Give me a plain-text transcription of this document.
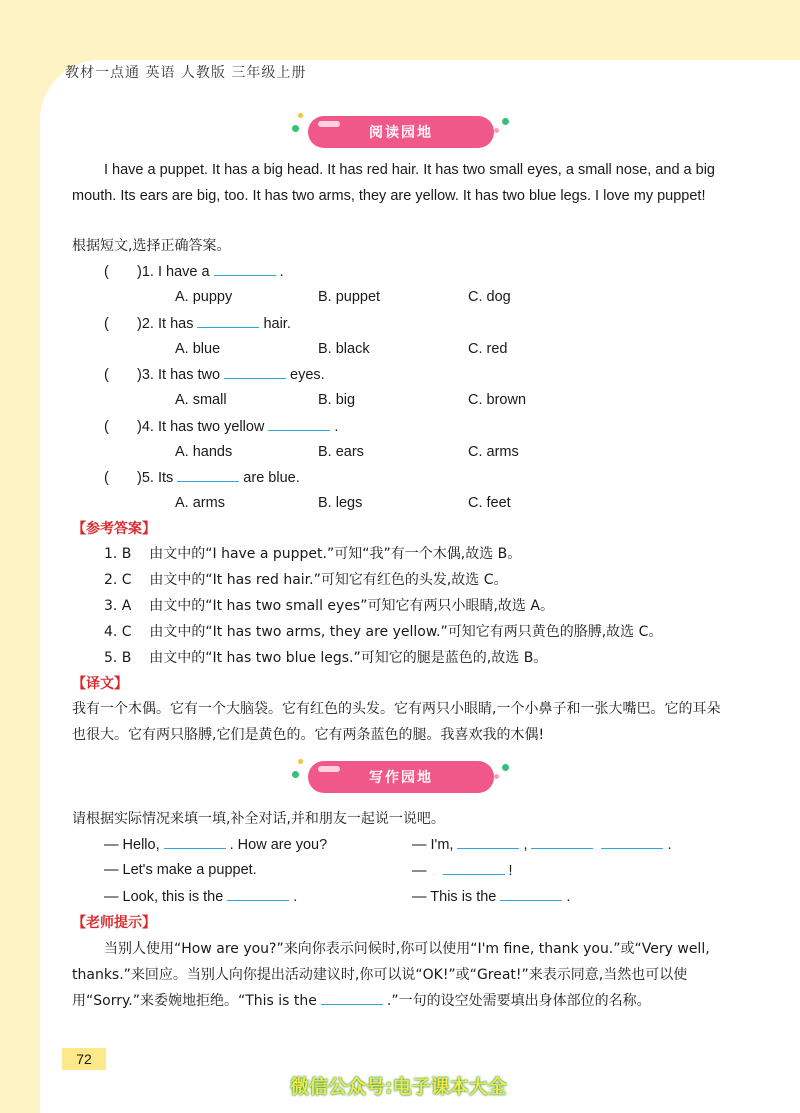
教材一点通 英语 人教版 三年级上册
阅读园地
I have a puppet. It has a big head. It has red hair. It has two small eyes, a small nose, and a big mouth. Its ears are big, too. It has two arms, they are yellow. It has two blue legs. I love my puppet!
根据短文,选择正确答案。
(       )1. I have a	.
A. puppy	B. puppet	C. dog
(       )2. It has	hair.
A. blue	B. black	C. red
(       )3. It has two	eyes.
A. small	B. big	C. brown
(       )4. It has two yellow	.
A. hands	B. ears	C. arms
(       )5. Its	are blue.
A. arms	B. legs	C. feet
【参考答案】
1. B 由文中的“I have a puppet.”可知“我”有一个木偶,故选 B。
2. C 由文中的“It has red hair.”可知它有红色的头发,故选 C。
3. A 由文中的“It has two small eyes”可知它有两只小眼睛,故选 A。
4. C 由文中的“It has two arms, they are yellow.”可知它有两只黄色的胳膊,故选 C。
5. B 由文中的“It has two blue legs.”可知它的腿是蓝色的,故选 B。
【译文】
我有一个木偶。它有一个大脑袋。它有红色的头发。它有两只小眼睛,一个小鼻子和一张大嘴巴。它的耳朵也很大。它有两只胳膊,它们是黄色的。它有两条蓝色的腿。我喜欢我的木偶!
写作园地
请根据实际情况来填一填,补全对话,并和朋友一起说一说吧。
— Hello,	. How are you?	— I'm,	,	.
— Let's make a puppet.	—	!
— Look, this is the	.	— This is the	.
【老师提示】
当别人使用“How are you?”来向你表示问候时,你可以使用“I'm fine, thank you.”或“Very well, thanks.”来回应。当别人向你提出活动建议时,你可以说“OK!”或“Great!”来表示同意,当然也可以使用“Sorry.”来委婉地拒绝。“This is the	.”一句的设空处需要填出身体部位的名称。
72
微信公众号:电子课本大全
